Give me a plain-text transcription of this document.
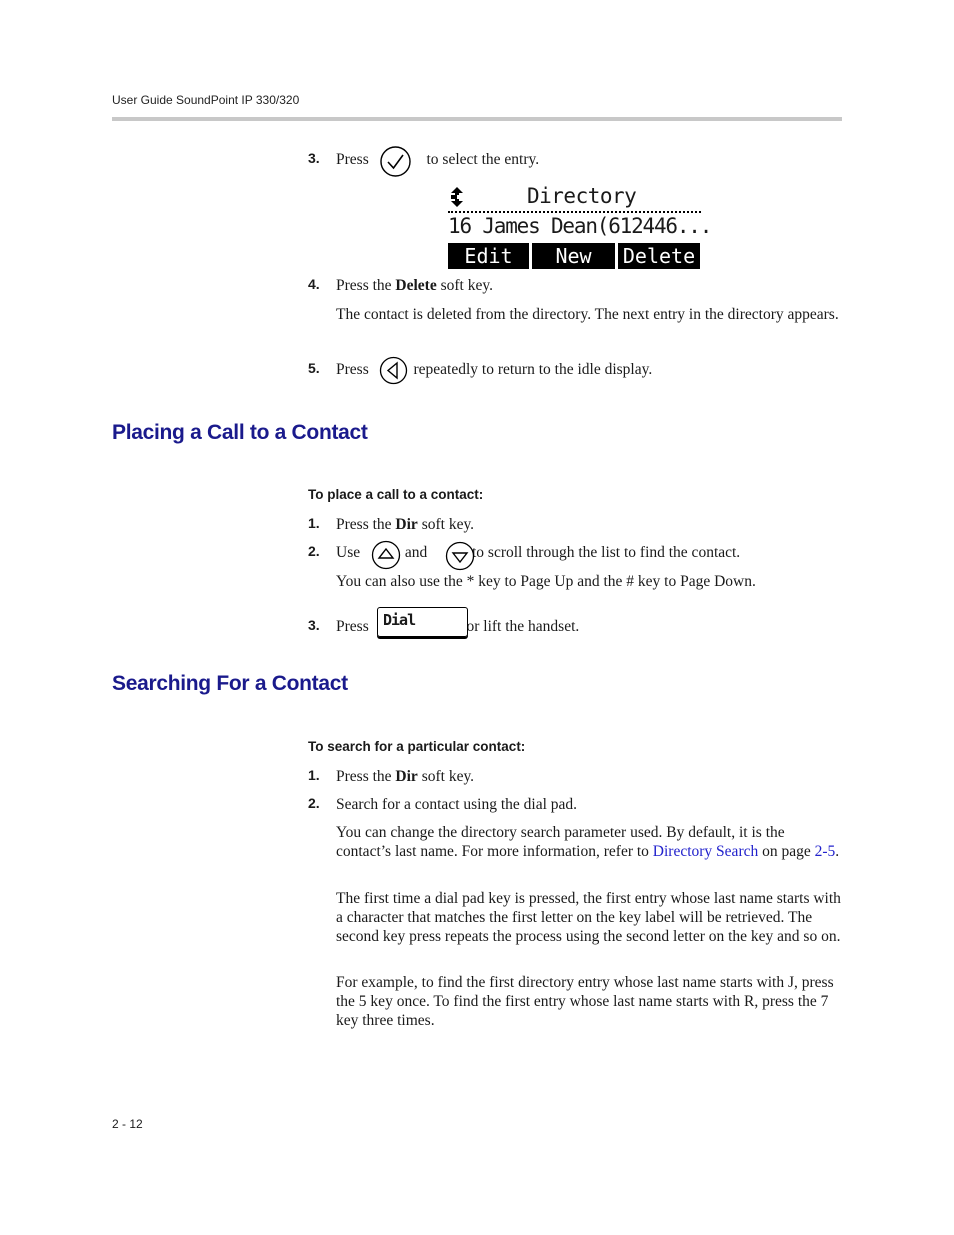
User Guide SoundPoint IP 330/320
3. Press	to select the entry.
Directory
16 James Dean(612446...
Edit	New	Delete
4. Press the Delete soft key.
The contact is deleted from the directory. The next entry in the directory appears.
5. Press	repeatedly to return to the idle display.
Placing a Call to a Contact
To place a call to a contact:
1. Press the Dir soft key.
2. Use	and	to scroll through the list to find the contact.
You can also use the * key to Page Up and the # key to Page Down.
3. Press	or lift the handset.
Dial
Searching For a Contact
To search for a particular contact:
1. Press the Dir soft key.
2. Search for a contact using the dial pad.
You can change the directory search parameter used. By default, it is the contact’s last name. For more information, refer to Directory Search on page 2-5.
The first time a dial pad key is pressed, the first entry whose last name starts with a character that matches the first letter on the key label will be retrieved. The second key press repeats the process using the second letter on the key and so on.
For example, to find the first directory entry whose last name starts with J, press the 5 key once. To find the first entry whose last name starts with R, press the 7 key three times.
2 - 12
